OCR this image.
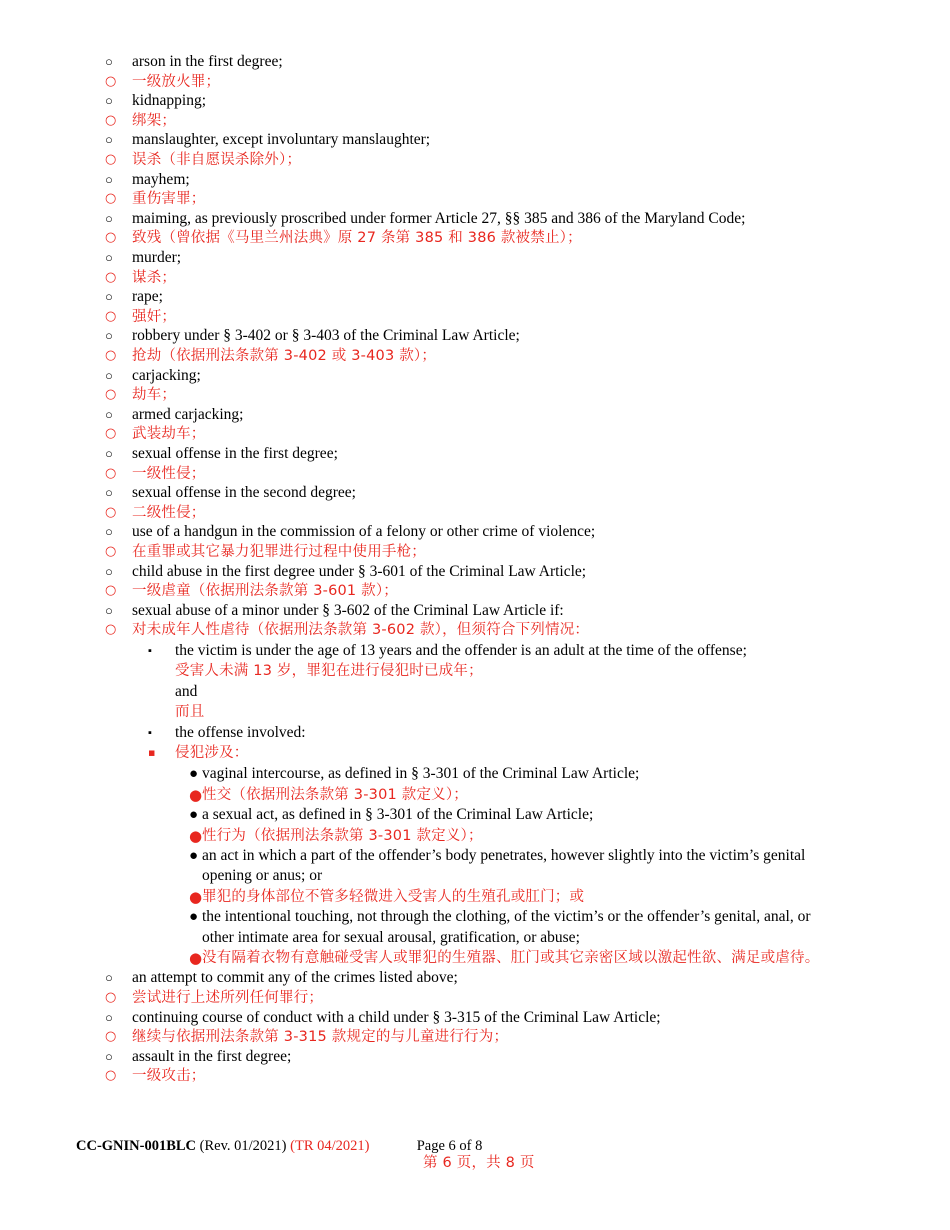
○	arson in the first degree;
○ 一级放火罪；
○	kidnapping;
○ 绑架；
○	manslaughter, except involuntary manslaughter;
○ 误杀（非自愿误杀除外）；
○	mayhem;
○ 重伤害罪；
○	maiming, as previously proscribed under former Article 27, §§ 385 and 386 of the Maryland Code;
○ 致残（曾依据《马里兰州法典》原 27 条第 385 和 386 款被禁止）；
○	murder;
○ 谋杀；
○	rape;
○ 强奸；
○	robbery under § 3-402 or § 3-403 of the Criminal Law Article;
○ 抢劫（依据刑法条款第 3-402 或 3-403 款）；
○	carjacking;
○ 劫车；
○	armed carjacking;
○ 武装劫车；
○	sexual offense in the first degree;
○ 一级性侵；
○	sexual offense in the second degree;
○ 二级性侵；
○	use of a handgun in the commission of a felony or other crime of violence;
○ 在重罪或其它暴力犯罪进行过程中使用手枪；
○	child abuse in the first degree under § 3-601 of the Criminal Law Article;
○ 一级虐童（依据刑法条款第 3-601 款）；
○	sexual abuse of a minor under § 3-602 of the Criminal Law Article if:
○ 对未成年人性虐待（依据刑法条款第 3-602 款），但须符合下列情况：
▪ the victim is under the age of 13 years and the offender is an adult at the time of the offense;
受害人未满 13 岁，罪犯在进行侵犯时已成年；
and
而且
▪ the offense involved:
▪ 侵犯涉及：
● vaginal intercourse, as defined in § 3-301 of the Criminal Law Article;
● 性交（依据刑法条款第 3-301 款定义）；
● a sexual act, as defined in § 3-301 of the Criminal Law Article;
● 性行为（依据刑法条款第 3-301 款定义）；
● an act in which a part of the offender’s body penetrates, however slightly into the victim’s genital
opening or anus; or
● 罪犯的身体部位不管多轻微进入受害人的生殖孔或肛门；或
● the intentional touching, not through the clothing, of the victim’s or the offender’s genital, anal, or
other intimate area for sexual arousal, gratification, or abuse;
● 没有隔着衣物有意触碰受害人或罪犯的生殖器、肛门或其它亲密区域以激起性欲、满足或虐待。
○	an attempt to commit any of the crimes listed above;
○ 尝试进行上述所列任何罪行；
○	continuing course of conduct with a child under § 3-315 of the Criminal Law Article;
○ 继续与依据刑法条款第 3-315 款规定的与儿童进行行为；
○	assault in the first degree;
○ 一级攻击；
CC-GNIN-001BLC (Rev. 01/2021) (TR 04/2021)	Page 6 of 8
第 6 页，共 8 页
